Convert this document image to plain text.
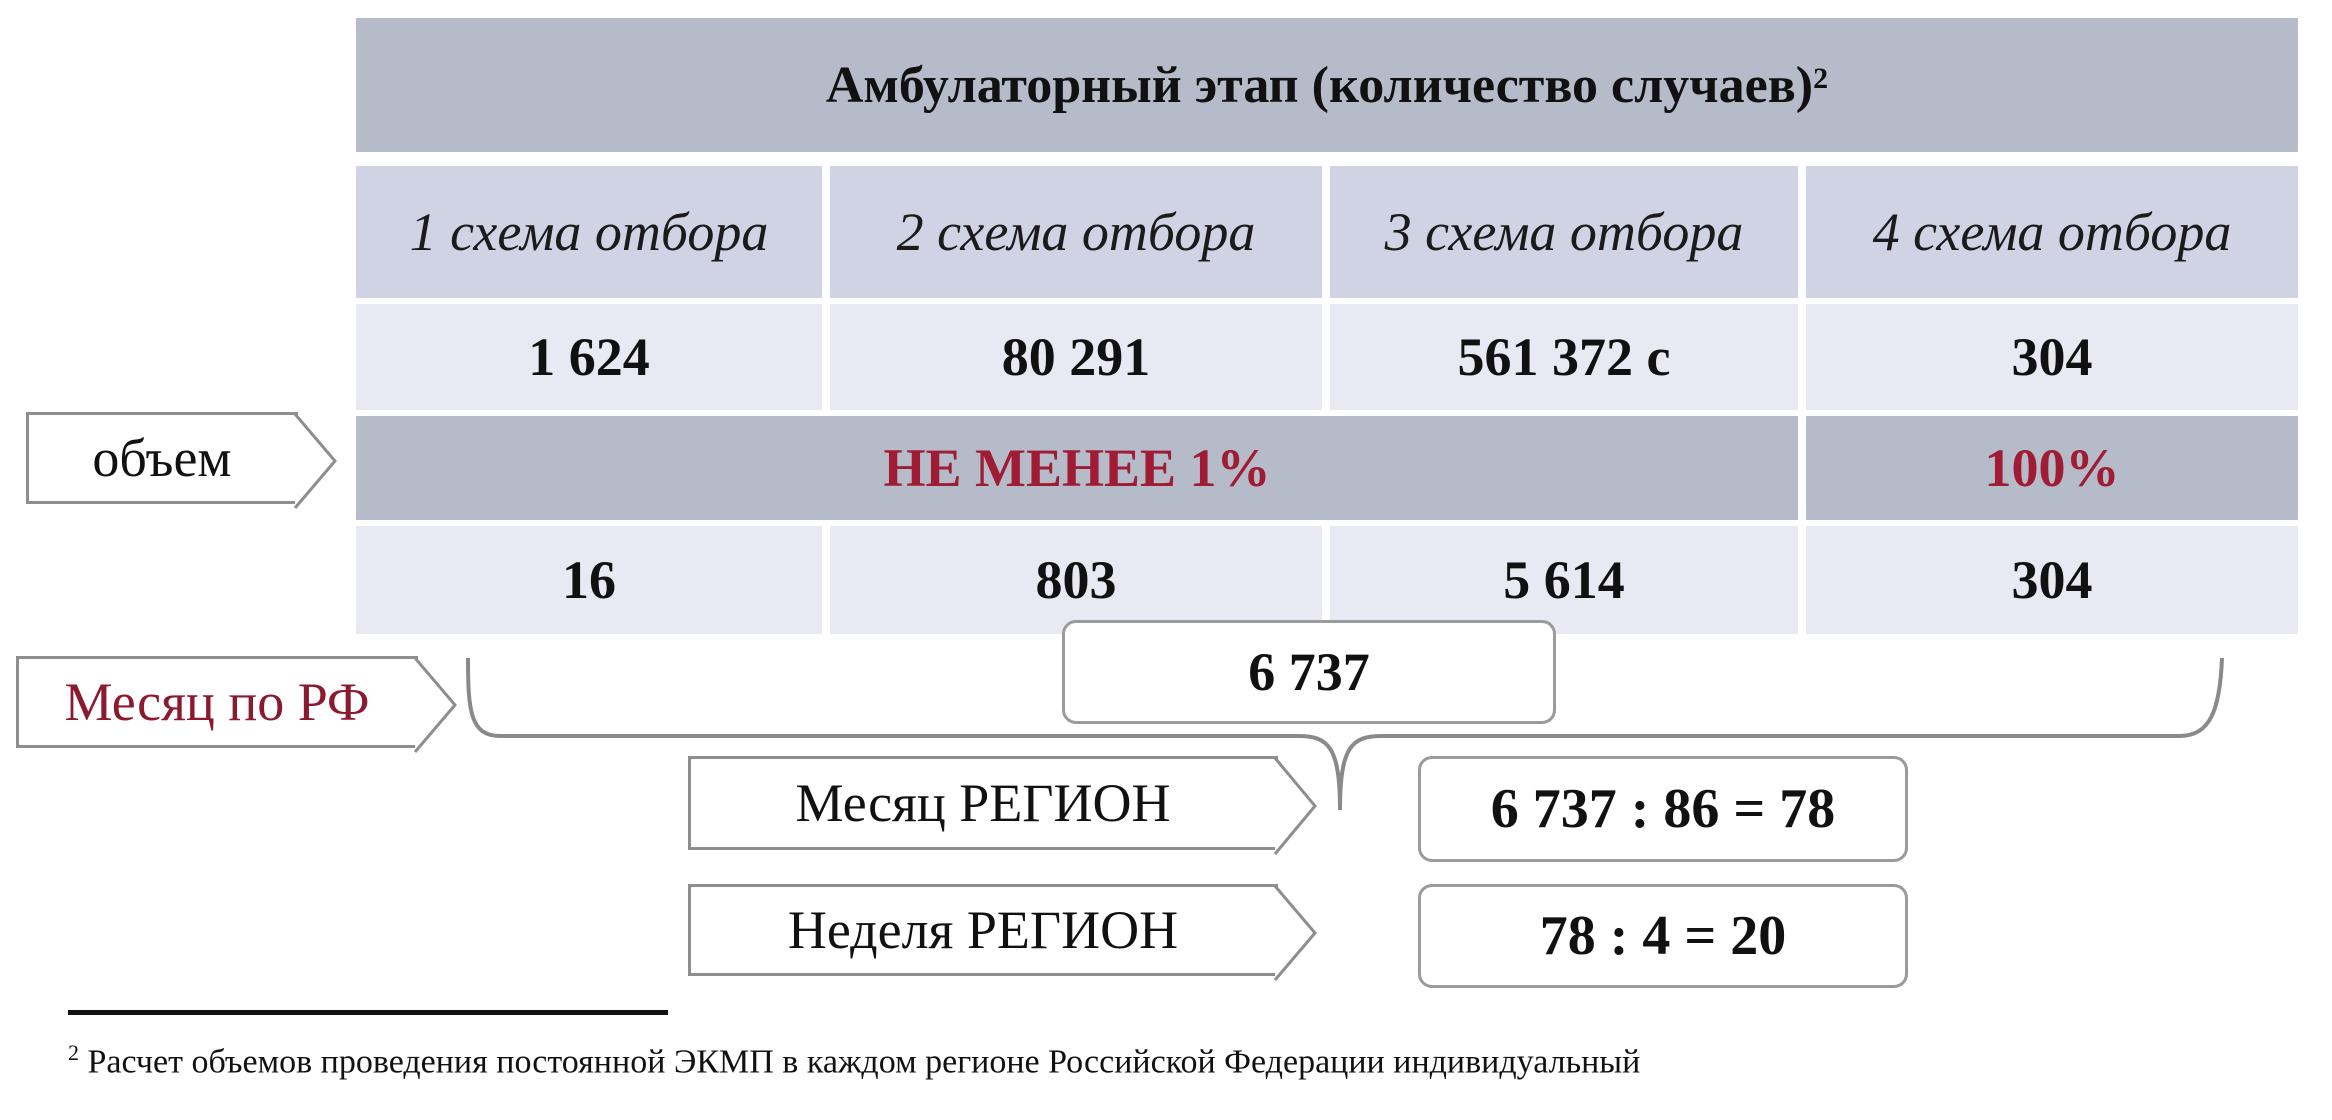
Амбулаторный этап (количество случаев)$^2$
1 схема отбора	2 схема отбора	3 схема отбора	4 схема отбора
1 624	80 291	561 372 с	304
НЕ МЕНЕЕ 1%	100%
16	803	5 614	304
объем
Месяц по РФ	6 737
Месяц РЕГИОН	6 737 : 86 = 78
Неделя РЕГИОН	78 : 4 = 20
$^2$ Расчет объемов проведения постоянной ЭКМП в каждом регионе Российской Федерации индивидуальный
